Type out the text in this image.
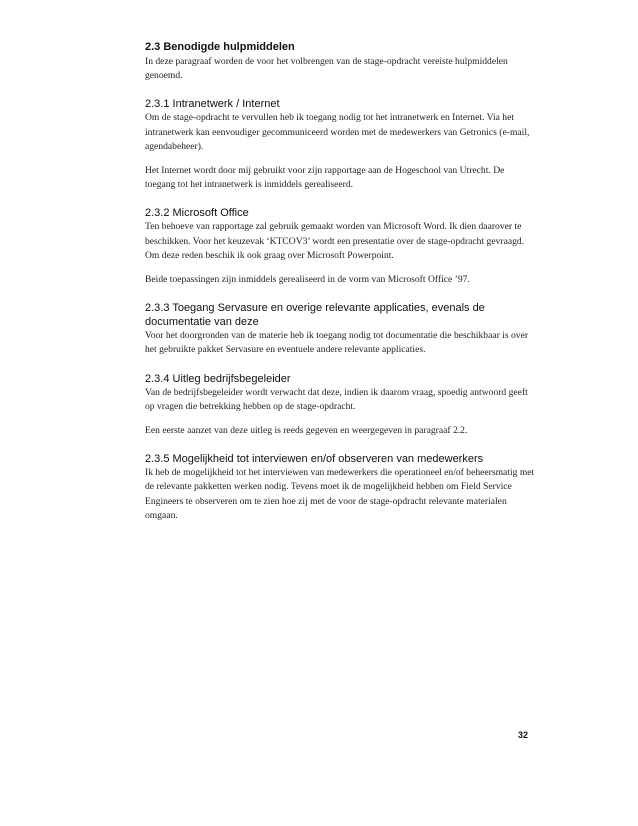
2.3 Benodigde hulpmiddelen

In deze paragraaf worden de voor het volbrengen van de stage-opdracht vereiste hulpmiddelen genoemd.

2.3.1 Intranetwerk / Internet

Om de stage-opdracht te vervullen heb ik toegang nodig tot het intranetwerk en Internet. Via het intranetwerk kan eenvoudiger gecommuniceerd worden met de medewerkers van Getronics (e-mail, agendabeheer).

Het Internet wordt door mij gebruikt voor zijn rapportage aan de Hogeschool van Utrecht. De toegang tot het intranetwerk is inmiddels gerealiseerd.

2.3.2 Microsoft Office

Ten behoeve van rapportage zal gebruik gemaakt worden van Microsoft Word. Ik dien daarover te beschikken. Voor het keuzevak ‘KTCOV3’ wordt een presentatie over de stage-opdracht gevraagd. Om deze reden beschik ik ook graag over Microsoft Powerpoint.

Beide toepassingen zijn inmiddels gerealiseerd in de vorm van Microsoft Office ’97.

2.3.3 Toegang Servasure en overige relevante applicaties, evenals de documentatie van deze

Voor het doorgronden van de materie heb ik toegang nodig tot documentatie die beschikbaar is over het gebruikte pakket Servasure en eventuele andere relevante applicaties.

2.3.4 Uitleg bedrijfsbegeleider

Van de bedrijfsbegeleider wordt verwacht dat deze, indien ik daarom vraag, spoedig antwoord geeft op vragen die betrekking hebben op de stage-opdracht.

Een eerste aanzet van deze uitleg is reeds gegeven en weergegeven in paragraaf 2.2.

2.3.5 Mogelijkheid tot interviewen en/of observeren van medewerkers

Ik heb de mogelijkheid tot het interviewen van medewerkers die operationeel en/of beheersmatig met de relevante pakketten werken nodig. Tevens moet ik de mogelijkheid hebben om Field Service Engineers te observeren om te zien hoe zij met de voor de stage-opdracht relevante materialen omgaan.

32
